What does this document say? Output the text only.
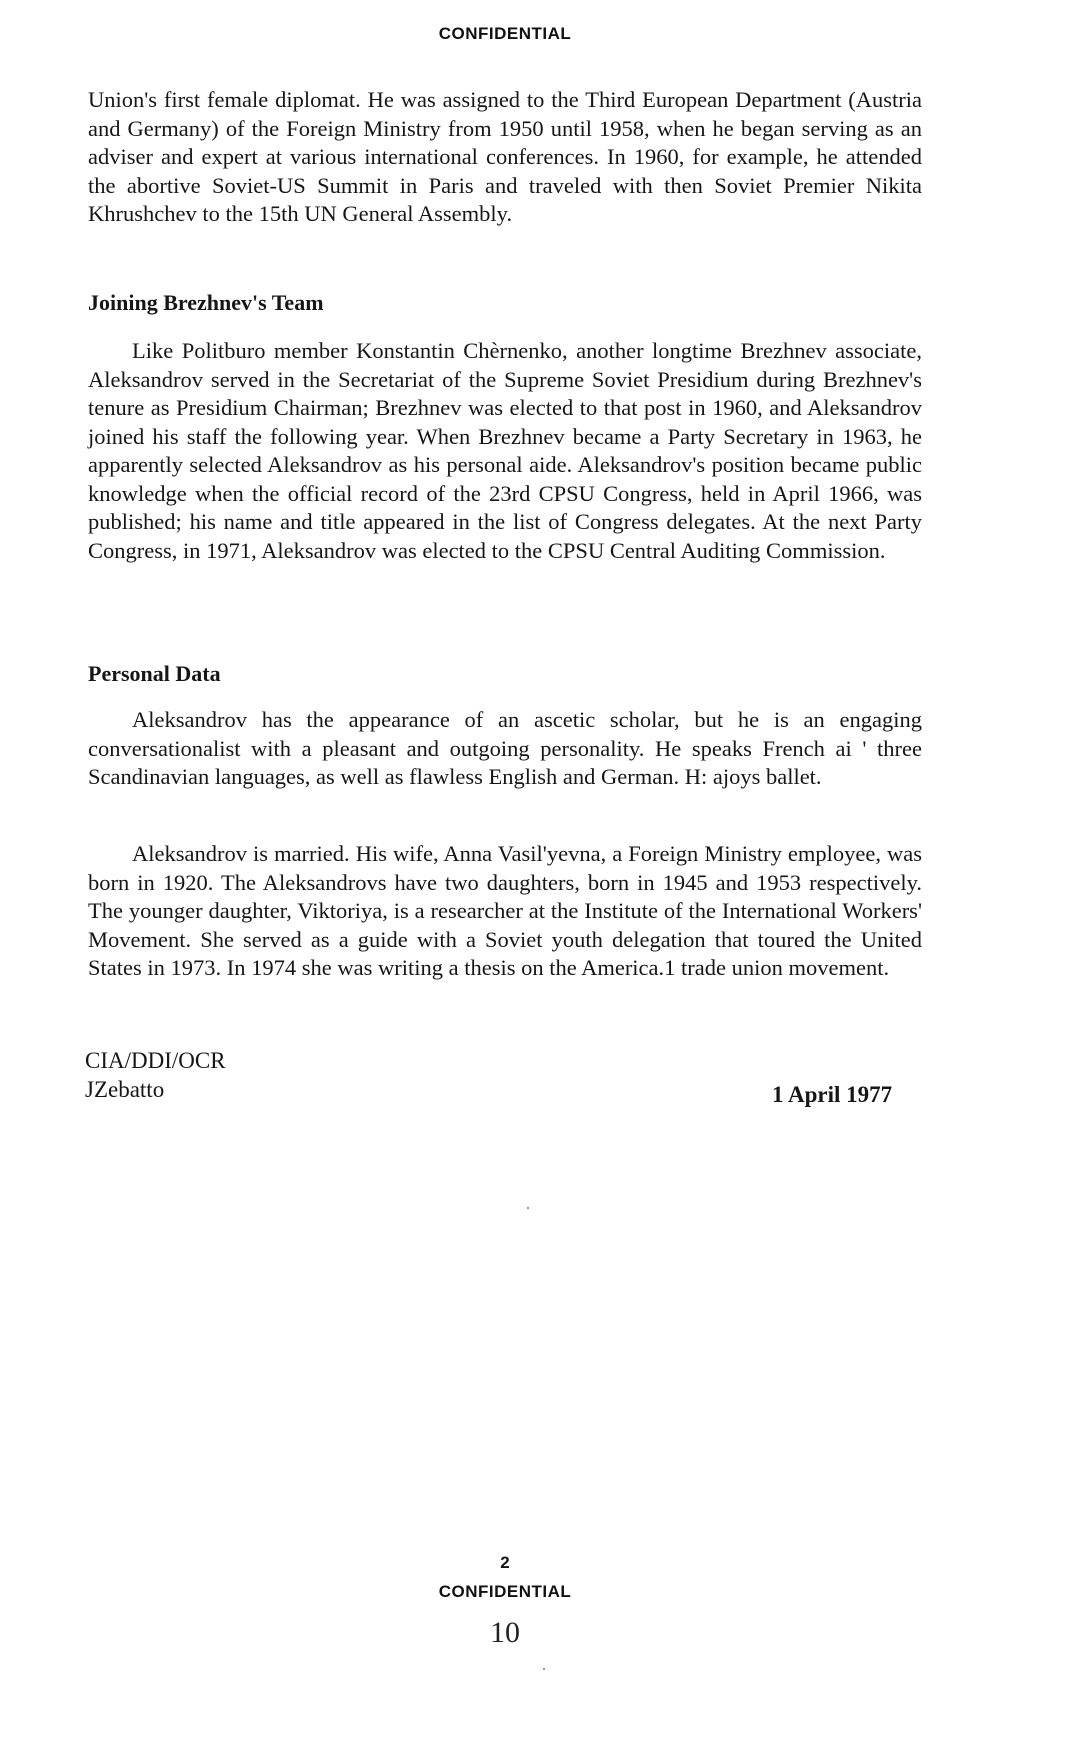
CONFIDENTIAL

Union's first female diplomat. He was assigned to the Third European Department (Austria and Germany) of the Foreign Ministry from 1950 until 1958, when he began serving as an adviser and expert at various international conferences. In 1960, for example, he attended the abortive Soviet-US Summit in Paris and traveled with then Soviet Premier Nikita Khrushchev to the 15th UN General Assembly.

Joining Brezhnev's Team

Like Politburo member Konstantin Chèrnenko, another longtime Brezhnev associate, Aleksandrov served in the Secretariat of the Supreme Soviet Presidium during Brezhnev's tenure as Presidium Chairman; Brezhnev was elected to that post in 1960, and Aleksandrov joined his staff the following year. When Brezhnev became a Party Secretary in 1963, he apparently selected Aleksandrov as his personal aide. Aleksandrov's position became public knowledge when the official record of the 23rd CPSU Congress, held in April 1966, was published; his name and title appeared in the list of Congress delegates. At the next Party Congress, in 1971, Aleksandrov was elected to the CPSU Central Auditing Commission.

Personal Data

Aleksandrov has the appearance of an ascetic scholar, but he is an engaging conversationalist with a pleasant and outgoing personality. He speaks French ai ' three Scandinavian languages, as well as flawless English and German. H: ajoys ballet.

Aleksandrov is married. His wife, Anna Vasil'yevna, a Foreign Ministry employee, was born in 1920. The Aleksandrovs have two daughters, born in 1945 and 1953 respectively. The younger daughter, Viktoriya, is a researcher at the Institute of the International Workers' Movement. She served as a guide with a Soviet youth delegation that toured the United States in 1973. In 1974 she was writing a thesis on the America.1 trade union movement.

CIA/DDI/OCR
JZebatto	1 April 1977
2
CONFIDENTIAL
10
